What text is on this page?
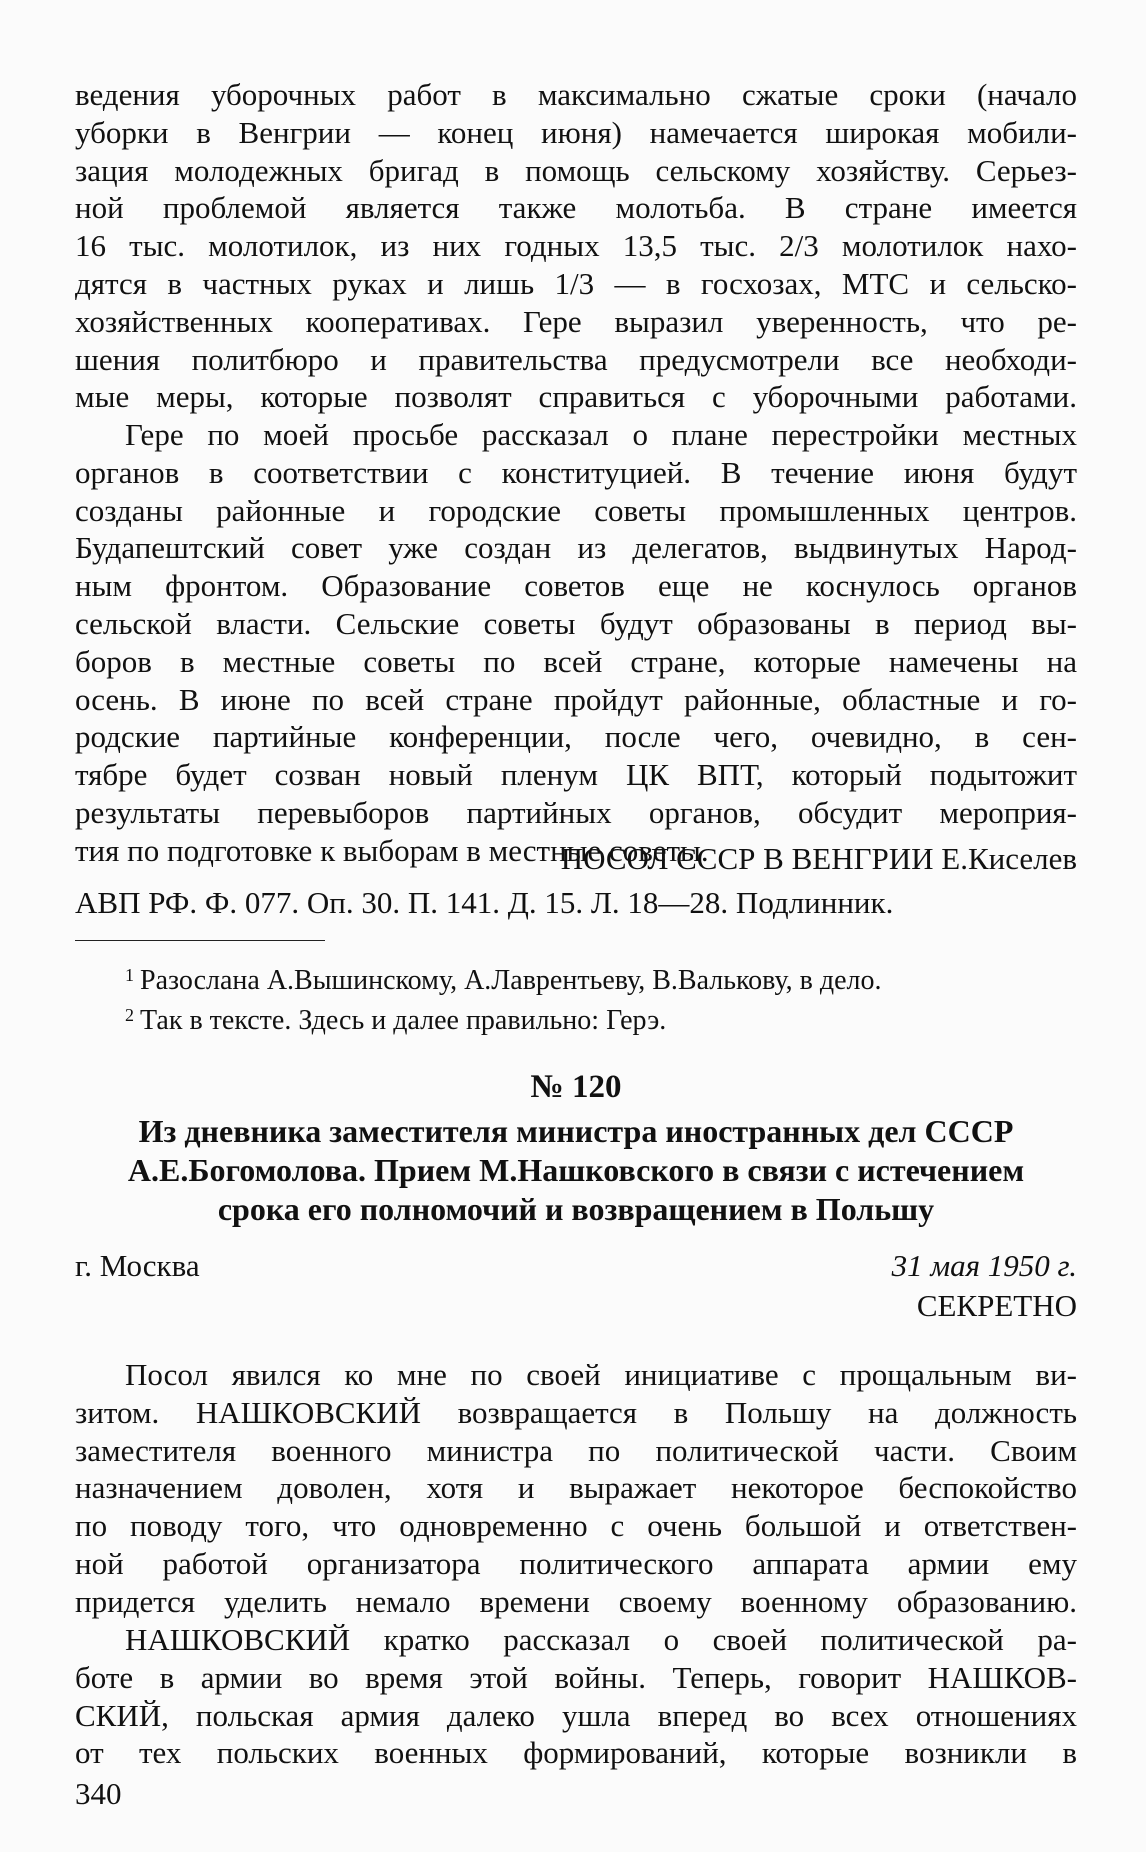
ведения уборочных работ в максимально сжатые сроки (начало
уборки в Венгрии — конец июня) намечается широкая мобили-
зация молодежных бригад в помощь сельскому хозяйству. Серьез-
ной проблемой является также молотьба. В стране имеется
16 тыс. молотилок, из них годных 13,5 тыс. 2/3 молотилок нахо-
дятся в частных руках и лишь 1/3 — в госхозах, МТС и сельско-
хозяйственных кооперативах. Гере выразил уверенность, что ре-
шения политбюро и правительства предусмотрели все необходи-
мые меры, которые позволят справиться с уборочными работами.
Гере по моей просьбе рассказал о плане перестройки местных
органов в соответствии с конституцией. В течение июня будут
созданы районные и городские советы промышленных центров.
Будапештский совет уже создан из делегатов, выдвинутых Народ-
ным фронтом. Образование советов еще не коснулось органов
сельской власти. Сельские советы будут образованы в период вы-
боров в местные советы по всей стране, которые намечены на
осень. В июне по всей стране пройдут районные, областные и го-
родские партийные конференции, после чего, очевидно, в сен-
тябре будет созван новый пленум ЦК ВПТ, который подытожит
результаты перевыборов партийных органов, обсудит мероприя-
тия по подготовке к выборам в местные советы.
ПОСОЛ СССР В ВЕНГРИИ Е.Киселев
АВП РФ. Ф. 077. Оп. 30. П. 141. Д. 15. Л. 18—28. Подлинник.
$^1$ Разослана А.Вышинскому, А.Лаврентьеву, В.Валькову, в дело.
$^2$ Так в тексте. Здесь и далее правильно: Герэ.
№ 120
Из дневника заместителя министра иностранных дел СССР
А.Е.Богомолова. Прием М.Нашковского в связи с истечением
срока его полномочий и возвращением в Польшу
г. Москва	31 мая 1950 г.
СЕКРЕТНО
Посол явился ко мне по своей инициативе с прощальным ви-
зитом. НАШКОВСКИЙ возвращается в Польшу на должность
заместителя военного министра по политической части. Своим
назначением доволен, хотя и выражает некоторое беспокойство
по поводу того, что одновременно с очень большой и ответствен-
ной работой организатора политического аппарата армии ему
придется уделить немало времени своему военному образованию.
НАШКОВСКИЙ кратко рассказал о своей политической ра-
боте в армии во время этой войны. Теперь, говорит НАШКОВ-
СКИЙ, польская армия далеко ушла вперед во всех отношениях
от тех польских военных формирований, которые возникли в
340
